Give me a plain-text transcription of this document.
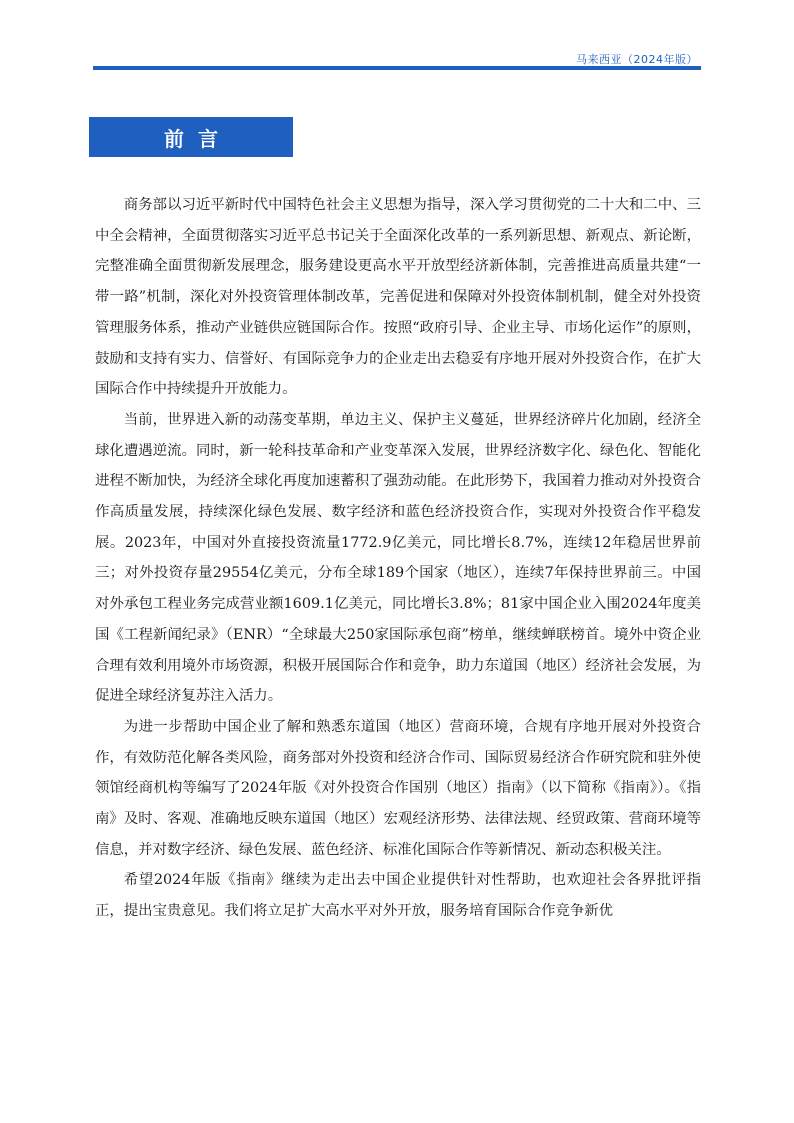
马来西亚（2024年版）
前言

商务部以习近平新时代中国特色社会主义思想为指导，深入学习贯彻党的二十大和二中、三中全会精神，全面贯彻落实习近平总书记关于全面深化改革的一系列新思想、新观点、新论断，完整准确全面贯彻新发展理念，服务建设更高水平开放型经济新体制，完善推进高质量共建“一带一路”机制，深化对外投资管理体制改革，完善促进和保障对外投资体制机制，健全对外投资管理服务体系，推动产业链供应链国际合作。按照“政府引导、企业主导、市场化运作”的原则，鼓励和支持有实力、信誉好、有国际竞争力的企业走出去稳妥有序地开展对外投资合作，在扩大国际合作中持续提升开放能力。

当前，世界进入新的动荡变革期，单边主义、保护主义蔓延，世界经济碎片化加剧，经济全球化遭遇逆流。同时，新一轮科技革命和产业变革深入发展，世界经济数字化、绿色化、智能化进程不断加快，为经济全球化再度加速蓄积了强劲动能。在此形势下，我国着力推动对外投资合作高质量发展，持续深化绿色发展、数字经济和蓝色经济投资合作，实现对外投资合作平稳发展。2023年，中国对外直接投资流量1772.9亿美元，同比增长8.7%，连续12年稳居世界前三；对外投资存量29554亿美元，分布全球189个国家（地区），连续7年保持世界前三。中国对外承包工程业务完成营业额1609.1亿美元，同比增长3.8%；81家中国企业入围2024年度美国《工程新闻纪录》（ENR）“全球最大250家国际承包商”榜单，继续蝉联榜首。境外中资企业合理有效利用境外市场资源，积极开展国际合作和竞争，助力东道国（地区）经济社会发展，为促进全球经济复苏注入活力。

为进一步帮助中国企业了解和熟悉东道国（地区）营商环境，合规有序地开展对外投资合作，有效防范化解各类风险，商务部对外投资和经济合作司、国际贸易经济合作研究院和驻外使领馆经商机构等编写了2024年版《对外投资合作国别（地区）指南》（以下简称《指南》）。《指南》及时、客观、准确地反映东道国（地区）宏观经济形势、法律法规、经贸政策、营商环境等信息，并对数字经济、绿色发展、蓝色经济、标准化国际合作等新情况、新动态积极关注。

希望2024年版《指南》继续为走出去中国企业提供针对性帮助，也欢迎社会各界批评指正，提出宝贵意见。我们将立足扩大高水平对外开放，服务培育国际合作竞争新优
